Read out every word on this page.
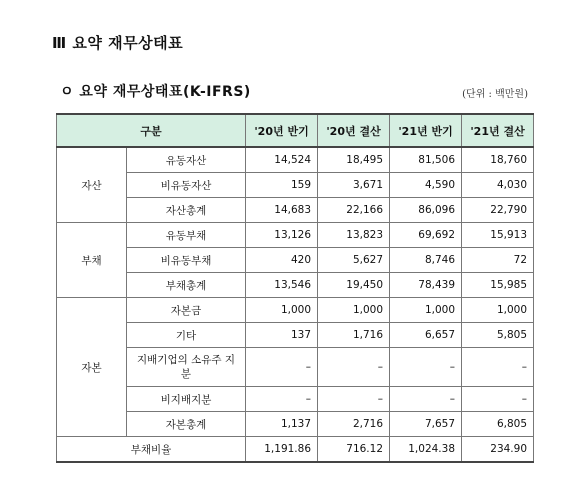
Ⅲ 요약 재무상태표
ㅇ 요약 재무상태표(K-IFRS)	(단위 : 백만원)
구분		'20년 반기	'20년 결산	'21년 반기	'21년 결산
자산	유동자산	14,524	18,495	81,506	18,760
	비유동자산	159	3,671	4,590	4,030
	자산총계	14,683	22,166	86,096	22,790
부채	유동부채	13,126	13,823	69,692	15,913
	비유동부채	420	5,627	8,746	72
	부채총계	13,546	19,450	78,439	15,985
자본	자본금	1,000	1,000	1,000	1,000
	기타	137	1,716	6,657	5,805
	지배기업의 소유주 지분	–	–	–	–
	비지배지분	–	–	–	–
	자본총계	1,137	2,716	7,657	6,805
부채비율		1,191.86	716.12	1,024.38	234.90
